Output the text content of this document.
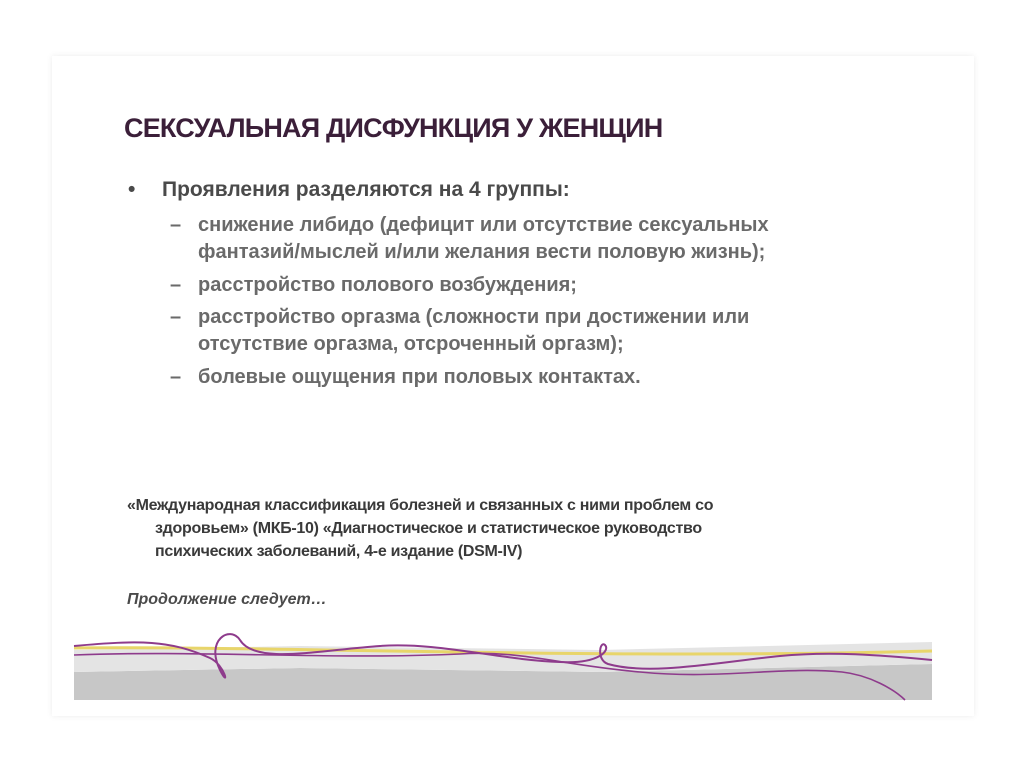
СЕКСУАЛЬНАЯ ДИСФУНКЦИЯ У ЖЕНЩИН
• Проявления разделяются на 4 группы:
– снижение либидо (дефицит или отсутствие сексуальных фантазий/мыслей и/или желания вести половую жизнь);
– расстройство полового возбуждения;
– расстройство оргазма (сложности при достижении или отсутствие оргазма, отсроченный оргазм);
– болевые ощущения при половых контактах.
«Международная классификация болезней и связанных с ними проблем со
здоровьем» (МКБ-10) «Диагностическое и статистическое руководство
психических заболеваний, 4-е издание (DSM-IV)
Продолжение следует…
